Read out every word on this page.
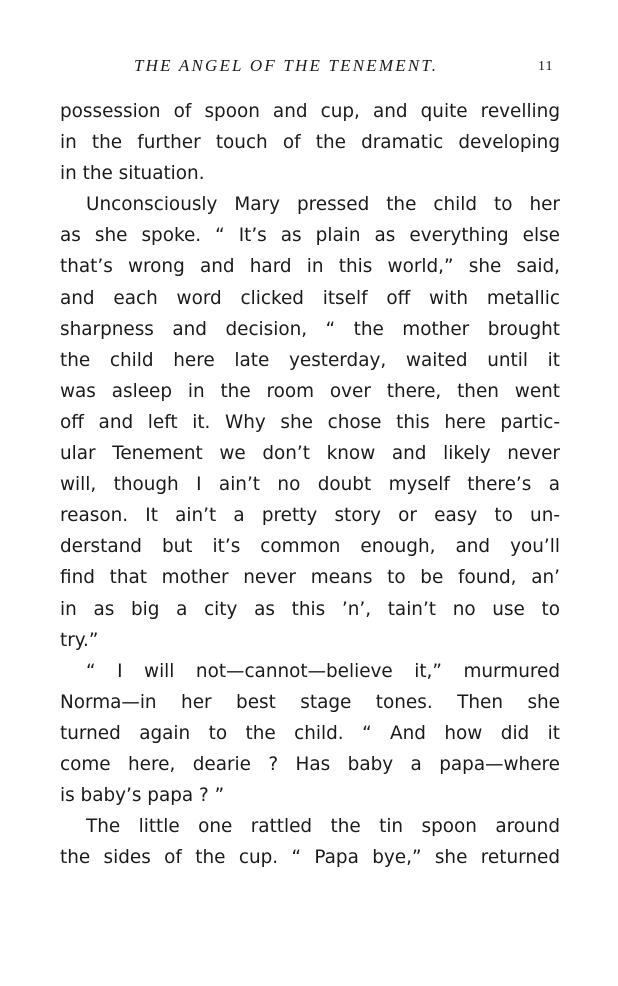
THE ANGEL OF THE TENEMENT.	11
possession of spoon and cup, and quite revelling
in the further touch of the dramatic developing
in the situation.
Unconsciously Mary pressed the child to her
as she spoke. “ It’s as plain as everything else
that’s wrong and hard in this world,” she said,
and each word clicked itself off with metallic
sharpness and decision, “ the mother brought
the child here late yesterday, waited until it
was asleep in the room over there, then went
off and left it. Why she chose this here partic-
ular Tenement we don’t know and likely never
will, though I ain’t no doubt myself there’s a
reason. It ain’t a pretty story or easy to un-
derstand but it’s common enough, and you’ll
find that mother never means to be found, an’
in as big a city as this ’n’, tain’t no use to
try.”
“ I will not—cannot—believe it,” murmured
Norma—in her best stage tones. Then she
turned again to the child. “ And how did it
come here, dearie ? Has baby a papa—where
is baby’s papa ? ”
The little one rattled the tin spoon around
the sides of the cup. “ Papa bye,” she returned
